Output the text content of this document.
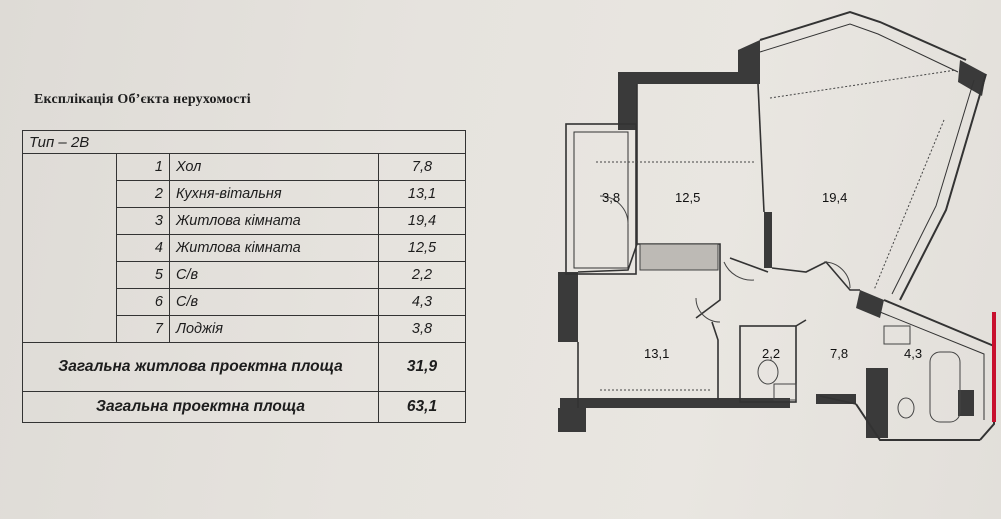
Експлікація Об’єкта нерухомості
Тип – 2В			
	1	Хол	7,8
	2	Кухня-вітальня	13,1
	3	Житлова кімната	19,4
	4	Житлова кімната	12,5
	5	С/в	2,2
	6	С/в	4,3
	7	Лоджія	3,8
Загальна житлова проектна площа			31,9
Загальна проектна площа			63,1
3,8	12,5	19,4
13,1	2,2	7,8	4,3
